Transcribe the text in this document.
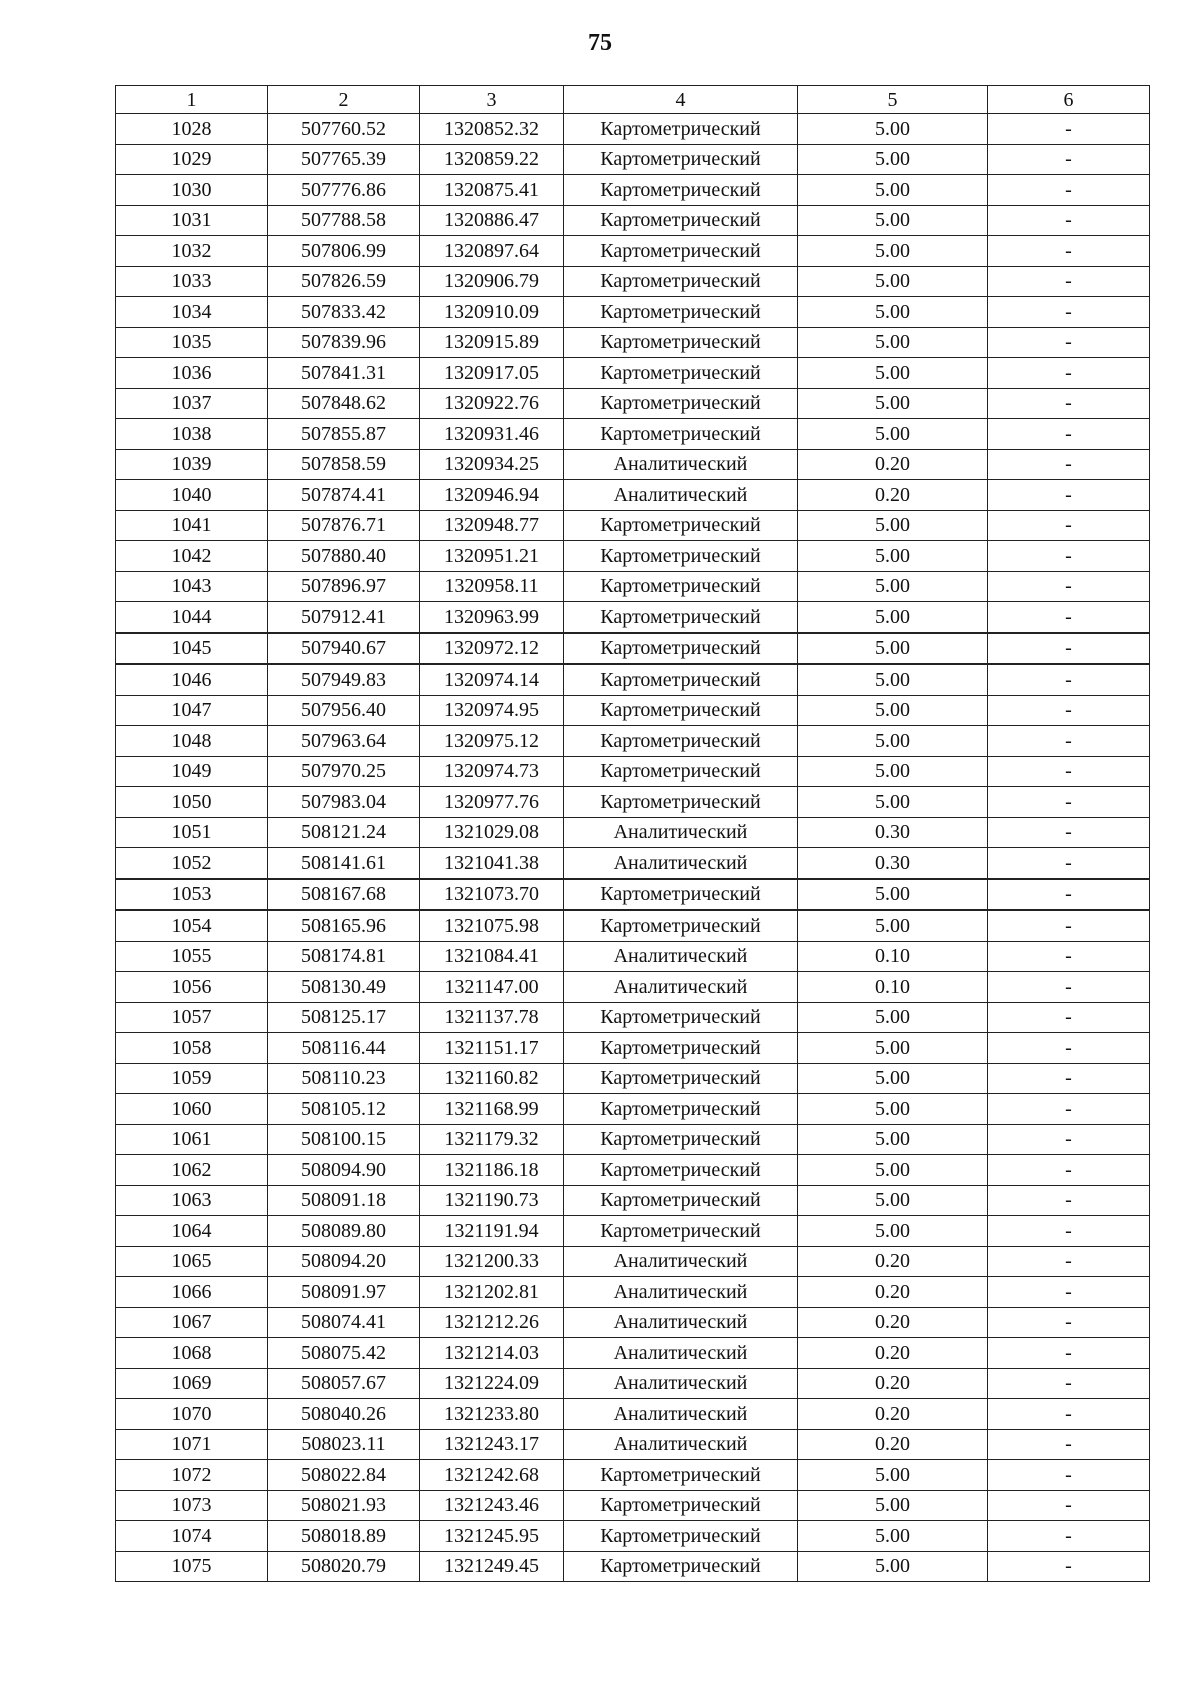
75
1	2	3	4	5	6
1028	507760.52	1320852.32	Картометрический	5.00	-
1029	507765.39	1320859.22	Картометрический	5.00	-
1030	507776.86	1320875.41	Картометрический	5.00	-
1031	507788.58	1320886.47	Картометрический	5.00	-
1032	507806.99	1320897.64	Картометрический	5.00	-
1033	507826.59	1320906.79	Картометрический	5.00	-
1034	507833.42	1320910.09	Картометрический	5.00	-
1035	507839.96	1320915.89	Картометрический	5.00	-
1036	507841.31	1320917.05	Картометрический	5.00	-
1037	507848.62	1320922.76	Картометрический	5.00	-
1038	507855.87	1320931.46	Картометрический	5.00	-
1039	507858.59	1320934.25	Аналитический	0.20	-
1040	507874.41	1320946.94	Аналитический	0.20	-
1041	507876.71	1320948.77	Картометрический	5.00	-
1042	507880.40	1320951.21	Картометрический	5.00	-
1043	507896.97	1320958.11	Картометрический	5.00	-
1044	507912.41	1320963.99	Картометрический	5.00	-
1045	507940.67	1320972.12	Картометрический	5.00	-
1046	507949.83	1320974.14	Картометрический	5.00	-
1047	507956.40	1320974.95	Картометрический	5.00	-
1048	507963.64	1320975.12	Картометрический	5.00	-
1049	507970.25	1320974.73	Картометрический	5.00	-
1050	507983.04	1320977.76	Картометрический	5.00	-
1051	508121.24	1321029.08	Аналитический	0.30	-
1052	508141.61	1321041.38	Аналитический	0.30	-
1053	508167.68	1321073.70	Картометрический	5.00	-
1054	508165.96	1321075.98	Картометрический	5.00	-
1055	508174.81	1321084.41	Аналитический	0.10	-
1056	508130.49	1321147.00	Аналитический	0.10	-
1057	508125.17	1321137.78	Картометрический	5.00	-
1058	508116.44	1321151.17	Картометрический	5.00	-
1059	508110.23	1321160.82	Картометрический	5.00	-
1060	508105.12	1321168.99	Картометрический	5.00	-
1061	508100.15	1321179.32	Картометрический	5.00	-
1062	508094.90	1321186.18	Картометрический	5.00	-
1063	508091.18	1321190.73	Картометрический	5.00	-
1064	508089.80	1321191.94	Картометрический	5.00	-
1065	508094.20	1321200.33	Аналитический	0.20	-
1066	508091.97	1321202.81	Аналитический	0.20	-
1067	508074.41	1321212.26	Аналитический	0.20	-
1068	508075.42	1321214.03	Аналитический	0.20	-
1069	508057.67	1321224.09	Аналитический	0.20	-
1070	508040.26	1321233.80	Аналитический	0.20	-
1071	508023.11	1321243.17	Аналитический	0.20	-
1072	508022.84	1321242.68	Картометрический	5.00	-
1073	508021.93	1321243.46	Картометрический	5.00	-
1074	508018.89	1321245.95	Картометрический	5.00	-
1075	508020.79	1321249.45	Картометрический	5.00	-
